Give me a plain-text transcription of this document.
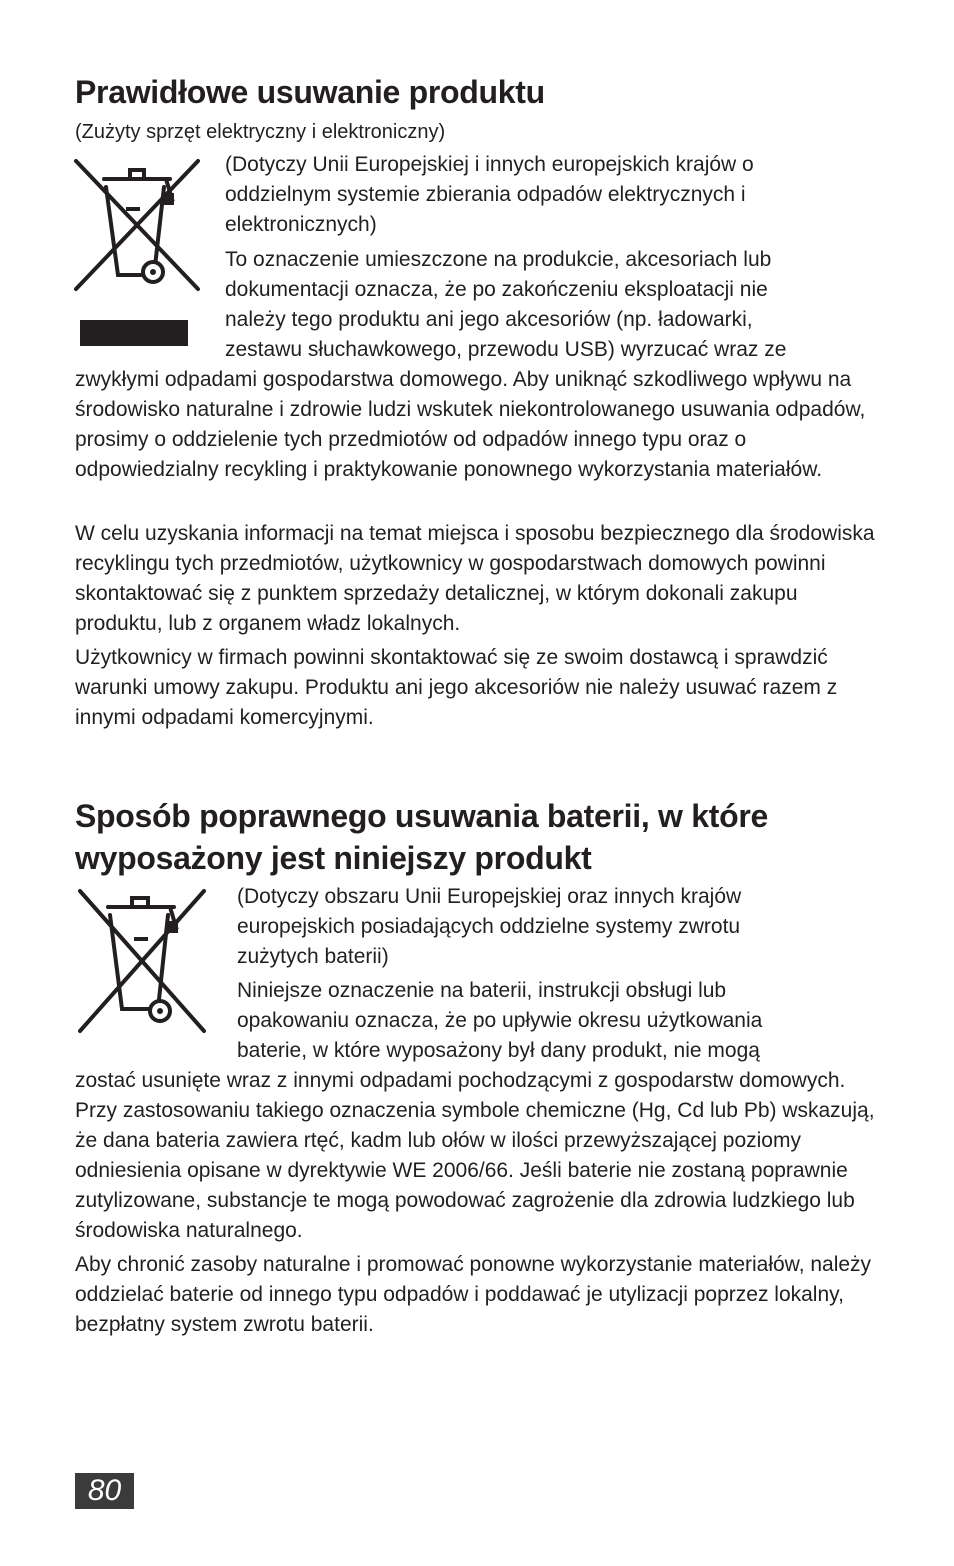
Prawidłowe usuwanie produktu
(Zużyty sprzęt elektryczny i elektroniczny)

(Dotyczy Unii Europejskiej i innych europejskich krajów o

oddzielnym systemie zbierania odpadów elektrycznych i

elektronicznych)

To oznaczenie umieszczone na produkcie, akcesoriach lub

dokumentacji oznacza, że po zakończeniu eksploatacji nie

należy tego produktu ani jego akcesoriów (np. ładowarki,

zestawu słuchawkowego, przewodu USB) wyrzucać wraz ze

zwykłymi odpadami gospodarstwa domowego. Aby uniknąć szkodliwego wpływu na środowisko naturalne i zdrowie ludzi wskutek niekontrolowanego usuwania odpadów, prosimy o oddzielenie tych przedmiotów od odpadów innego typu oraz o odpowiedzialny recykling i praktykowanie ponownego wykorzystania materiałów.

W celu uzyskania informacji na temat miejsca i sposobu bezpiecznego dla środowiska recyklingu tych przedmiotów, użytkownicy w gospodarstwach domowych powinni skontaktować się z punktem sprzedaży detalicznej, w którym dokonali zakupu produktu, lub z organem władz lokalnych.

Użytkownicy w firmach powinni skontaktować się ze swoim dostawcą i sprawdzić warunki umowy zakupu. Produktu ani jego akcesoriów nie należy usuwać razem z innymi odpadami komercyjnymi.

Sposób poprawnego usuwania baterii, w które
wyposażony jest niniejszy produkt

(Dotyczy obszaru Unii Europejskiej oraz innych krajów

europejskich posiadających oddzielne systemy zwrotu

zużytych baterii)

Niniejsze oznaczenie na baterii, instrukcji obsługi lub

opakowaniu oznacza, że po upływie okresu użytkowania

baterie, w które wyposażony był dany produkt, nie mogą

zostać usunięte wraz z innymi odpadami pochodzącymi z gospodarstw domowych. Przy zastosowaniu takiego oznaczenia symbole chemiczne (Hg, Cd lub Pb) wskazują, że dana bateria zawiera rtęć, kadm lub ołów w ilości przewyższającej poziomy odniesienia opisane w dyrektywie WE 2006/66. Jeśli baterie nie zostaną poprawnie zutylizowane, substancje te mogą powodować zagrożenie dla zdrowia ludzkiego lub środowiska naturalnego.

Aby chronić zasoby naturalne i promować ponowne wykorzystanie materiałów, należy oddzielać baterie od innego typu odpadów i poddawać je utylizacji poprzez lokalny, bezpłatny system zwrotu baterii.

80
